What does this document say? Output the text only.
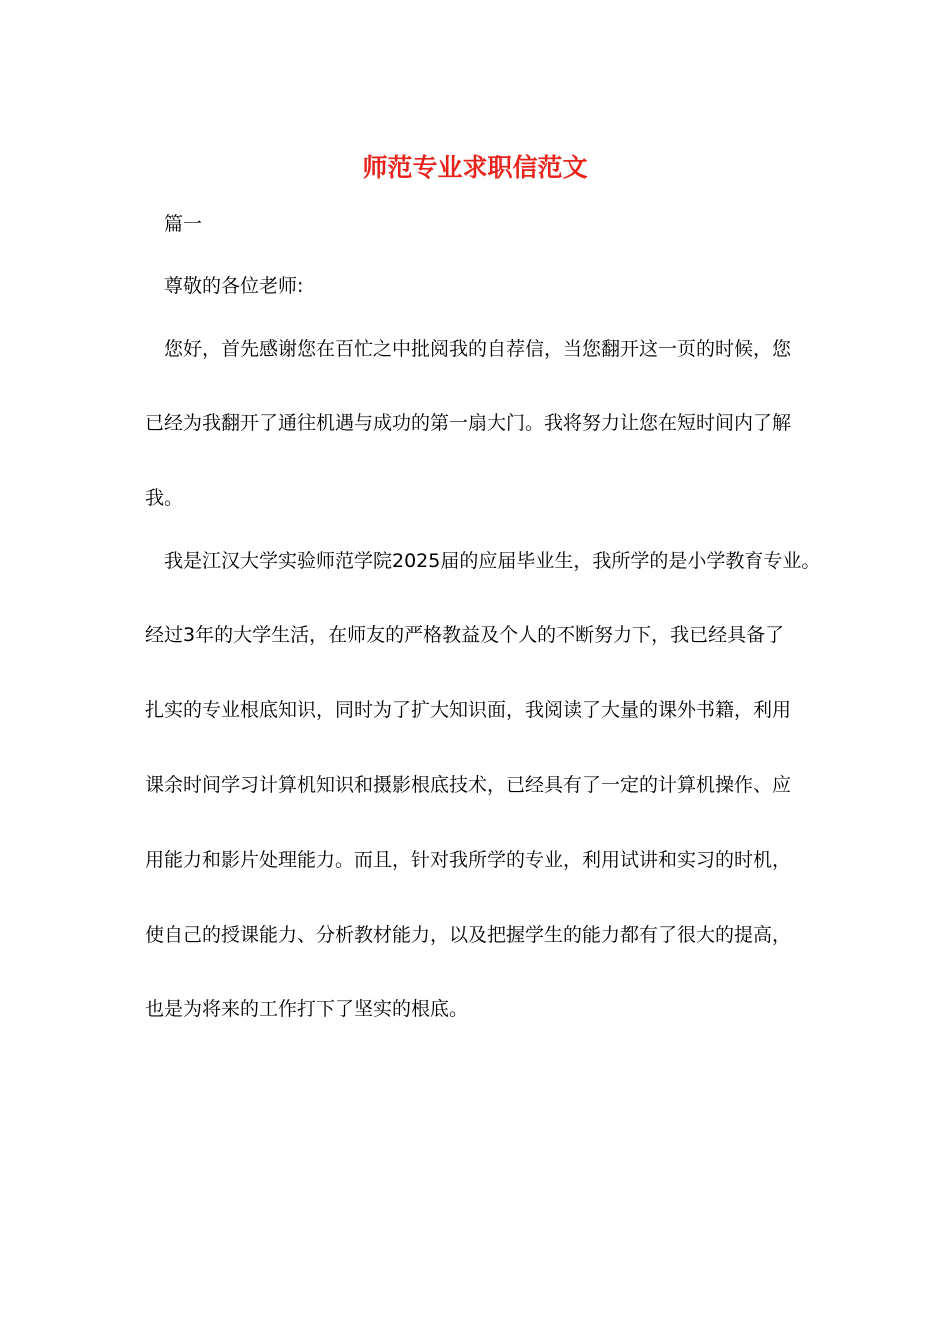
师范专业求职信范文

篇一

尊敬的各位老师:

您好，首先感谢您在百忙之中批阅我的自荐信，当您翻开这一页的时候，您

已经为我翻开了通往机遇与成功的第一扇大门。我将努力让您在短时间内了解

我。

我是江汉大学实验师范学院2025届的应届毕业生，我所学的是小学教育专业。

经过3年的大学生活，在师友的严格教益及个人的不断努力下，我已经具备了

扎实的专业根底知识，同时为了扩大知识面，我阅读了大量的课外书籍，利用

课余时间学习计算机知识和摄影根底技术，已经具有了一定的计算机操作、应

用能力和影片处理能力。而且，针对我所学的专业，利用试讲和实习的时机，

使自己的授课能力、分析教材能力，以及把握学生的能力都有了很大的提高，

也是为将来的工作打下了坚实的根底。
